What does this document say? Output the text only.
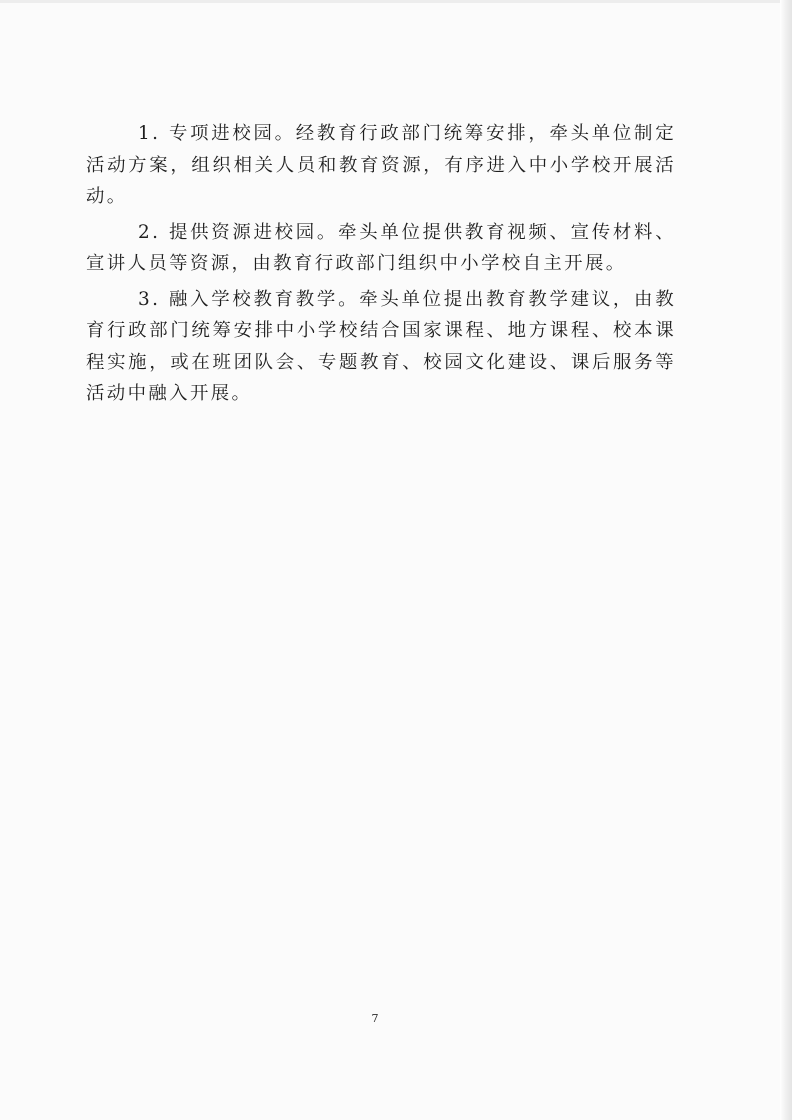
1. 专项进校园。经教育行政部门统筹安排，牵头单位制定活动方案，组织相关人员和教育资源，有序进入中小学校开展活动。

2. 提供资源进校园。牵头单位提供教育视频、宣传材料、宣讲人员等资源，由教育行政部门组织中小学校自主开展。

3. 融入学校教育教学。牵头单位提出教育教学建议，由教育行政部门统筹安排中小学校结合国家课程、地方课程、校本课程实施，或在班团队会、专题教育、校园文化建设、课后服务等活动中融入开展。

7
